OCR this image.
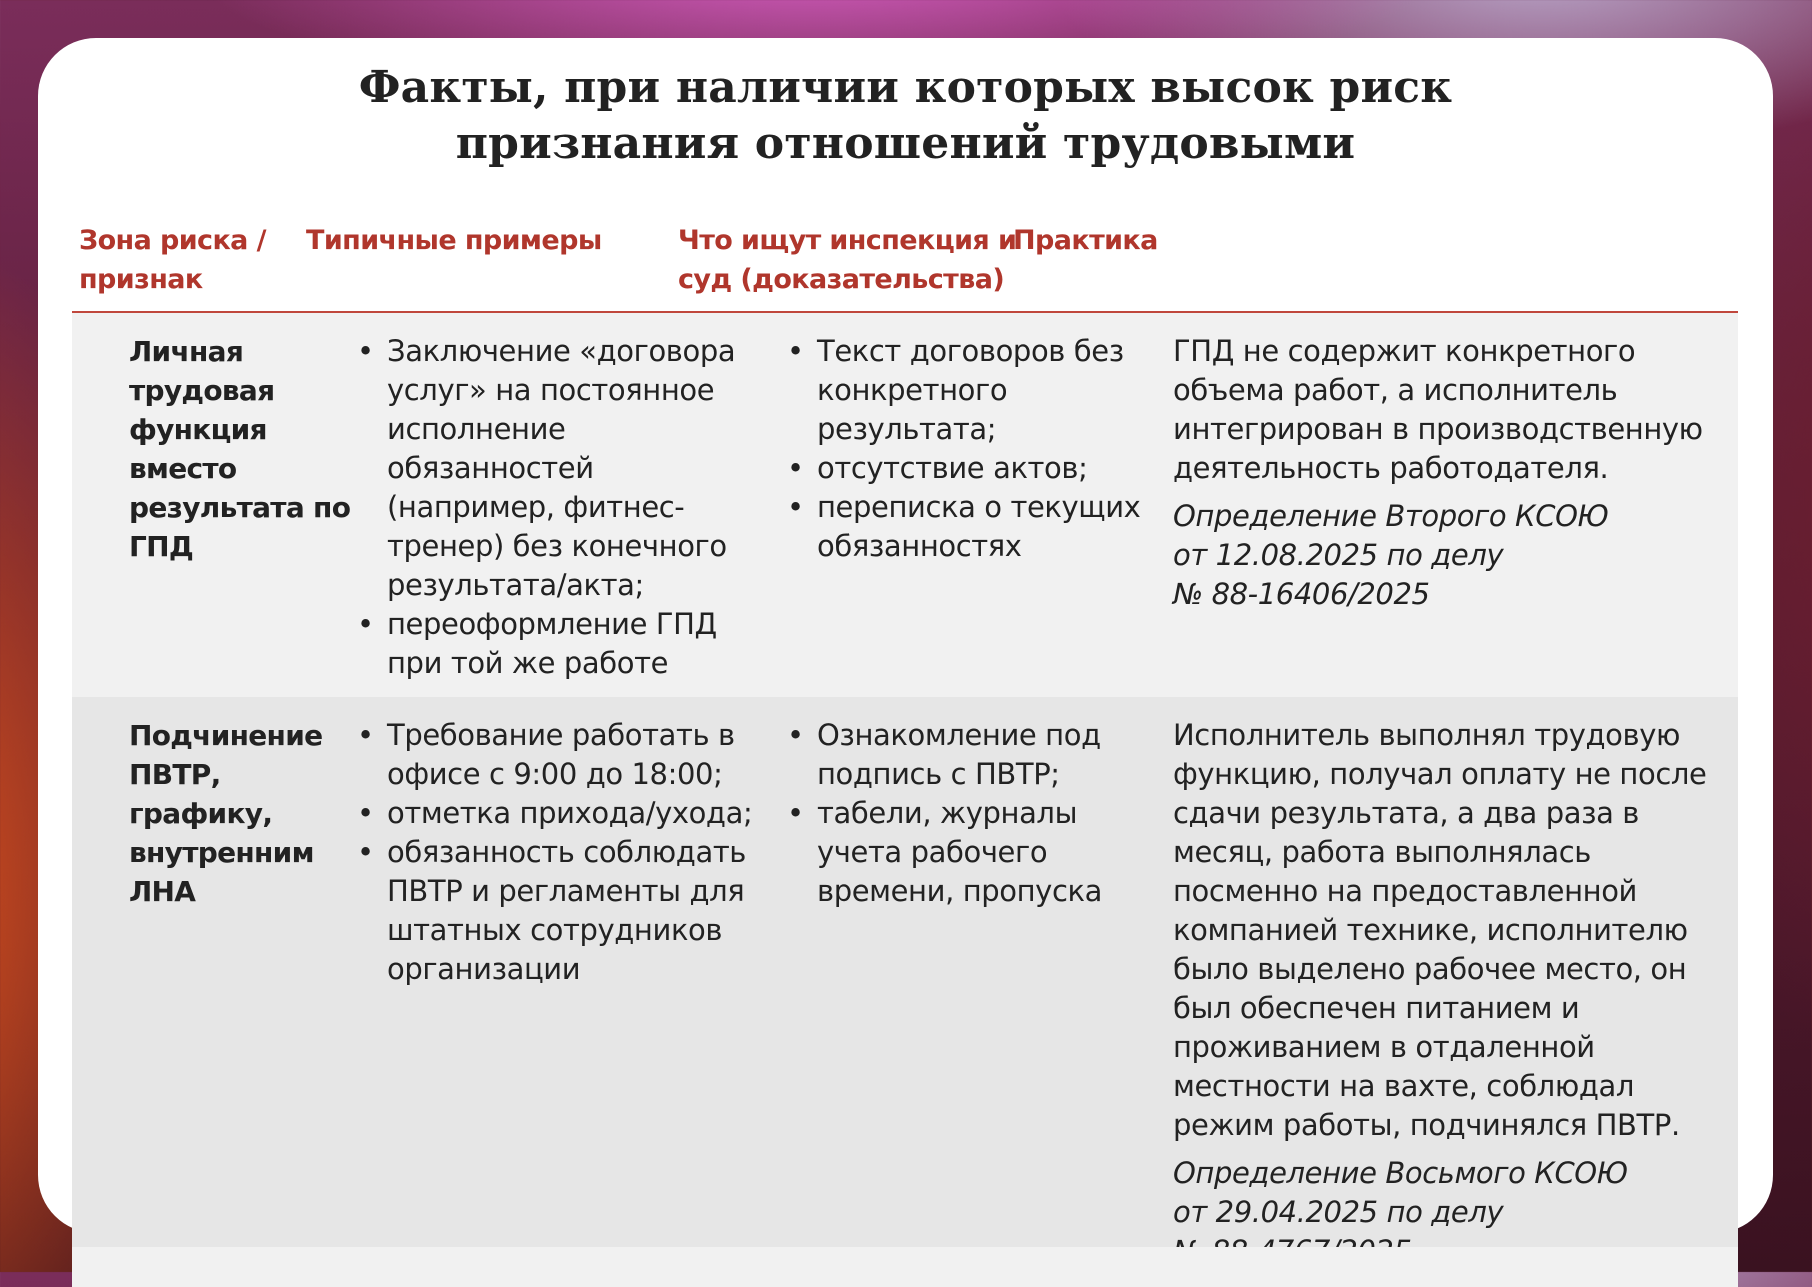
Факты, при наличии которых высок риск
признания отношений трудовыми
Зона риска / признак
Типичные примеры	Что ищут инспекция и суд (доказательства)
Практика
Личная трудовая функция вместо результата по ГПД
• Заключение «договора услуг» на постоянное исполнение обязанностей (например, фитнес-тренер) без конечного результата/акта;
• переоформление ГПД при той же работе
• Текст договоров без конкретного результата;
• отсутствие актов;
• переписка о текущих обязанностях
ГПД не содержит конкретного объема работ, а исполнитель интегрирован в производственную деятельность работодателя.
Определение Второго КСОЮ
от 12.08.2025 по делу
№ 88-16406/2025
Подчинение ПВТР, графику, внутренним ЛНА
• Требование работать в офисе с 9:00 до 18:00;
• отметка прихода/ухода;
• обязанность соблюдать ПВТР и регламенты для штатных сотрудников организации
• Ознакомление под подпись с ПВТР;
• табели, журналы учета рабочего времени, пропуска
Исполнитель выполнял трудовую функцию, получал оплату не после сдачи результата, а два раза в месяц, работа выполнялась посменно на предоставленной компанией технике, исполнителю было выделено рабочее место, он был обеспечен питанием и проживанием в отдаленной местности на вахте, соблюдал режим работы, подчинялся ПВТР.
Определение Восьмого КСОЮ
от 29.04.2025 по делу
